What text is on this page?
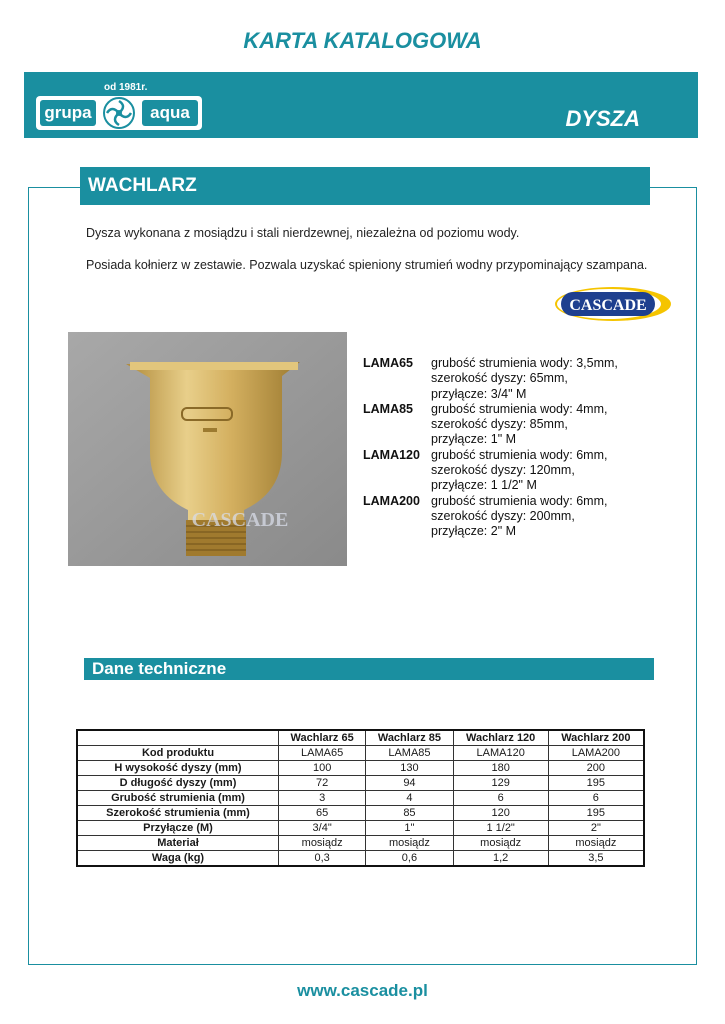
KARTA KATALOGOWA
od 1981r.
grupa	aqua	DYSZA
WACHLARZ
Dysza wykonana z mosiądzu i stali nierdzewnej, niezależna od poziomu wody.
Posiada kołnierz w zestawie. Pozwala uzyskać spieniony strumień wodny przypominający szampana.
CASCADE
CASCADE
LAMA65	grubość strumienia wody: 3,5mm,
szerokość dyszy: 65mm,
przyłącze: 3/4" M
LAMA85	grubość strumienia wody: 4mm,
szerokość dyszy: 85mm,
przyłącze: 1" M
LAMA120 grubość strumienia wody: 6mm,
szerokość dyszy: 120mm,
przyłącze: 1 1/2" M
LAMA200 grubość strumienia wody: 6mm,
szerokość dyszy: 200mm,
przyłącze: 2" M
Dane techniczne
	Wachlarz 65	Wachlarz 85	Wachlarz 120	Wachlarz 200
Kod produktu	LAMA65	LAMA85	LAMA120	LAMA200
H wysokość dyszy (mm)	100	130	180	200
D długość dyszy (mm)	72	94	129	195
Grubość strumienia (mm)	3	4	6	6
Szerokość strumienia (mm)	65	85	120	195
Przyłącze (M)	3/4"	1"	1 1/2"	2"
Materiał	mosiądz	mosiądz	mosiądz	mosiądz
Waga (kg)	0,3	0,6	1,2	3,5
www.cascade.pl
